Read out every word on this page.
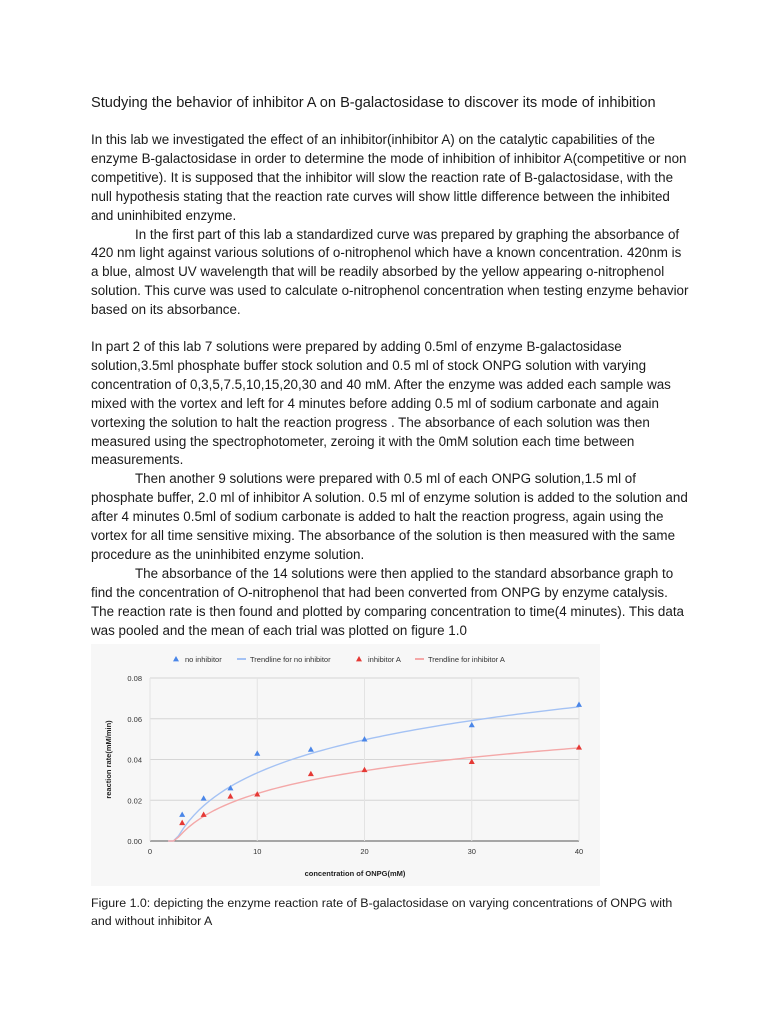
Studying the behavior of inhibitor A on B-galactosidase to discover its mode of inhibition

In this lab we investigated the effect of an inhibitor(inhibitor A) on the catalytic capabilities of the enzyme B-galactosidase in order to determine the mode of inhibition of inhibitor A(competitive or non competitive). It is supposed that the inhibitor will slow the reaction rate of B-galactosidase, with the null hypothesis stating that the reaction rate curves will show little difference between the inhibited and uninhibited enzyme.

In the first part of this lab a standardized curve was prepared by graphing the absorbance of 420 nm light against various solutions of o-nitrophenol which have a known concentration. 420nm is a blue, almost UV wavelength that will be readily absorbed by the yellow appearing o-nitrophenol solution. This curve was used to calculate o-nitrophenol concentration when testing enzyme behavior based on its absorbance.

In part 2 of this lab 7 solutions were prepared by adding 0.5ml of enzyme B-galactosidase solution,3.5ml phosphate buffer stock solution and 0.5 ml of stock ONPG solution with varying concentration of 0,3,5,7.5,10,15,20,30 and 40 mM. After the enzyme was added each sample was mixed with the vortex and left for 4 minutes before adding 0.5 ml of sodium carbonate and again vortexing the solution to halt the reaction progress . The absorbance of each solution was then measured using the spectrophotometer, zeroing it with the 0mM solution each time between measurements.

Then another 9 solutions were prepared with 0.5 ml of each ONPG solution,1.5 ml of phosphate buffer, 2.0 ml of inhibitor A solution. 0.5 ml of enzyme solution is added to the solution and after 4 minutes 0.5ml of sodium carbonate is added to halt the reaction progress, again using the vortex for all time sensitive mixing. The absorbance of the solution is then measured with the same procedure as the uninhibited enzyme solution.

The absorbance of the 14 solutions were then applied to the standard absorbance graph to find the concentration of O-nitrophenol that had been converted from ONPG by enzyme catalysis. The reaction rate is then found and plotted by comparing concentration to time(4 minutes). This data was pooled and the mean of each trial was plotted on figure 1.0

no inhibitor	Trendline for no inhibitor	inhibitor A	Trendline for inhibitor A
0.00
0.02
0.04
0.06
0.08
0	10	20	30	40
concentration of ONPG(mM)
reaction rate(mM/min)

Figure 1.0: depicting the enzyme reaction rate of B-galactosidase on varying concentrations of ONPG with and without inhibitor A
